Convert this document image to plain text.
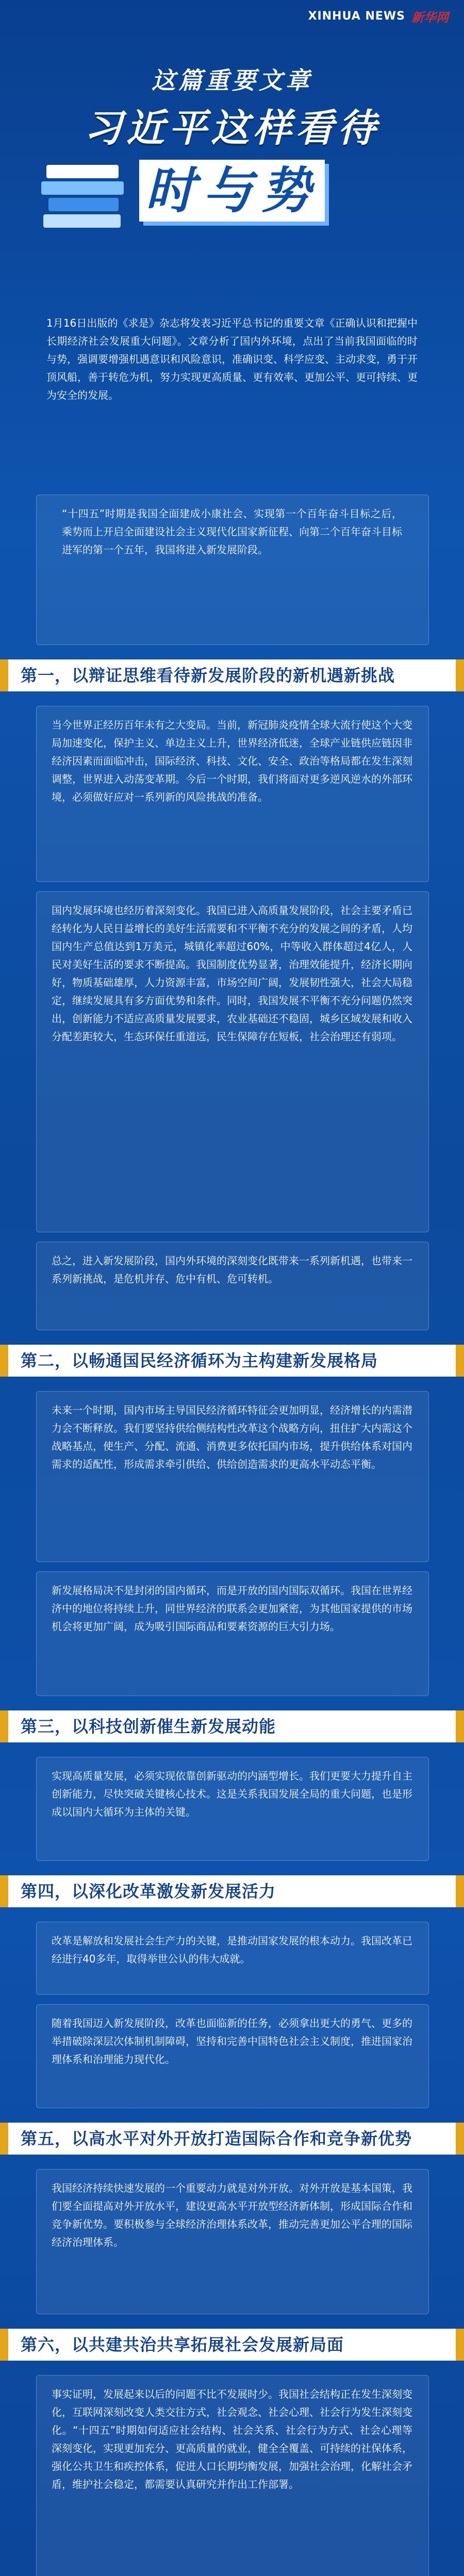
XINHUA NEWS 新华网
这篇重要文章
习近平这样看待
时与势
1月16日出版的《求是》杂志将发表习近平总书记的重要文章《正确认识和把握中长期经济社会发展重大问题》。文章分析了国内外环境，点出了当前我国面临的时与势，强调要增强机遇意识和风险意识，准确识变、科学应变、主动求变，勇于开顶风船，善于转危为机，努力实现更高质量、更有效率、更加公平、更可持续、更为安全的发展。
“十四五”时期是我国全面建成小康社会、实现第一个百年奋斗目标之后，乘势而上开启全面建设社会主义现代化国家新征程、向第二个百年奋斗目标进军的第一个五年，我国将进入新发展阶段。
第一，以辩证思维看待新发展阶段的新机遇新挑战
当今世界正经历百年未有之大变局。当前，新冠肺炎疫情全球大流行使这个大变局加速变化，保护主义、单边主义上升，世界经济低迷，全球产业链供应链因非经济因素而面临冲击，国际经济、科技、文化、安全、政治等格局都在发生深刻调整，世界进入动荡变革期。今后一个时期，我们将面对更多逆风逆水的外部环境，必须做好应对一系列新的风险挑战的准备。
国内发展环境也经历着深刻变化。我国已进入高质量发展阶段，社会主要矛盾已经转化为人民日益增长的美好生活需要和不平衡不充分的发展之间的矛盾，人均国内生产总值达到1万美元，城镇化率超过60%，中等收入群体超过4亿人，人民对美好生活的要求不断提高。我国制度优势显著，治理效能提升，经济长期向好，物质基础雄厚，人力资源丰富，市场空间广阔，发展韧性强大，社会大局稳定，继续发展具有多方面优势和条件。同时，我国发展不平衡不充分问题仍然突出，创新能力不适应高质量发展要求，农业基础还不稳固，城乡区域发展和收入分配差距较大，生态环保任重道远，民生保障存在短板，社会治理还有弱项。
总之，进入新发展阶段，国内外环境的深刻变化既带来一系列新机遇，也带来一系列新挑战，是危机并存、危中有机、危可转机。
第二，以畅通国民经济循环为主构建新发展格局
未来一个时期，国内市场主导国民经济循环特征会更加明显，经济增长的内需潜力会不断释放。我们要坚持供给侧结构性改革这个战略方向，扭住扩大内需这个战略基点，使生产、分配、流通、消费更多依托国内市场，提升供给体系对国内需求的适配性，形成需求牵引供给、供给创造需求的更高水平动态平衡。
新发展格局决不是封闭的国内循环，而是开放的国内国际双循环。我国在世界经济中的地位将持续上升，同世界经济的联系会更加紧密，为其他国家提供的市场机会将更加广阔，成为吸引国际商品和要素资源的巨大引力场。
第三，以科技创新催生新发展动能
实现高质量发展，必须实现依靠创新驱动的内涵型增长。我们更要大力提升自主创新能力，尽快突破关键核心技术。这是关系我国发展全局的重大问题，也是形成以国内大循环为主体的关键。
第四，以深化改革激发新发展活力
改革是解放和发展社会生产力的关键，是推动国家发展的根本动力。我国改革已经进行40多年，取得举世公认的伟大成就。
随着我国迈入新发展阶段，改革也面临新的任务，必须拿出更大的勇气、更多的举措破除深层次体制机制障碍，坚持和完善中国特色社会主义制度，推进国家治理体系和治理能力现代化。
第五，以高水平对外开放打造国际合作和竞争新优势
我国经济持续快速发展的一个重要动力就是对外开放。对外开放是基本国策，我们要全面提高对外开放水平，建设更高水平开放型经济新体制，形成国际合作和竞争新优势。要积极参与全球经济治理体系改革，推动完善更加公平合理的国际经济治理体系。
第六，以共建共治共享拓展社会发展新局面
事实证明，发展起来以后的问题不比不发展时少。我国社会结构正在发生深刻变化，互联网深刻改变人类交往方式，社会观念、社会心理、社会行为发生深刻变化。“十四五”时期如何适应社会结构、社会关系、社会行为方式、社会心理等深刻变化，实现更加充分、更高质量的就业，健全全覆盖、可持续的社保体系，强化公共卫生和疾控体系，促进人口长期均衡发展，加强社会治理，化解社会矛盾，维护社会稳定，都需要认真研究并作出工作部署。
